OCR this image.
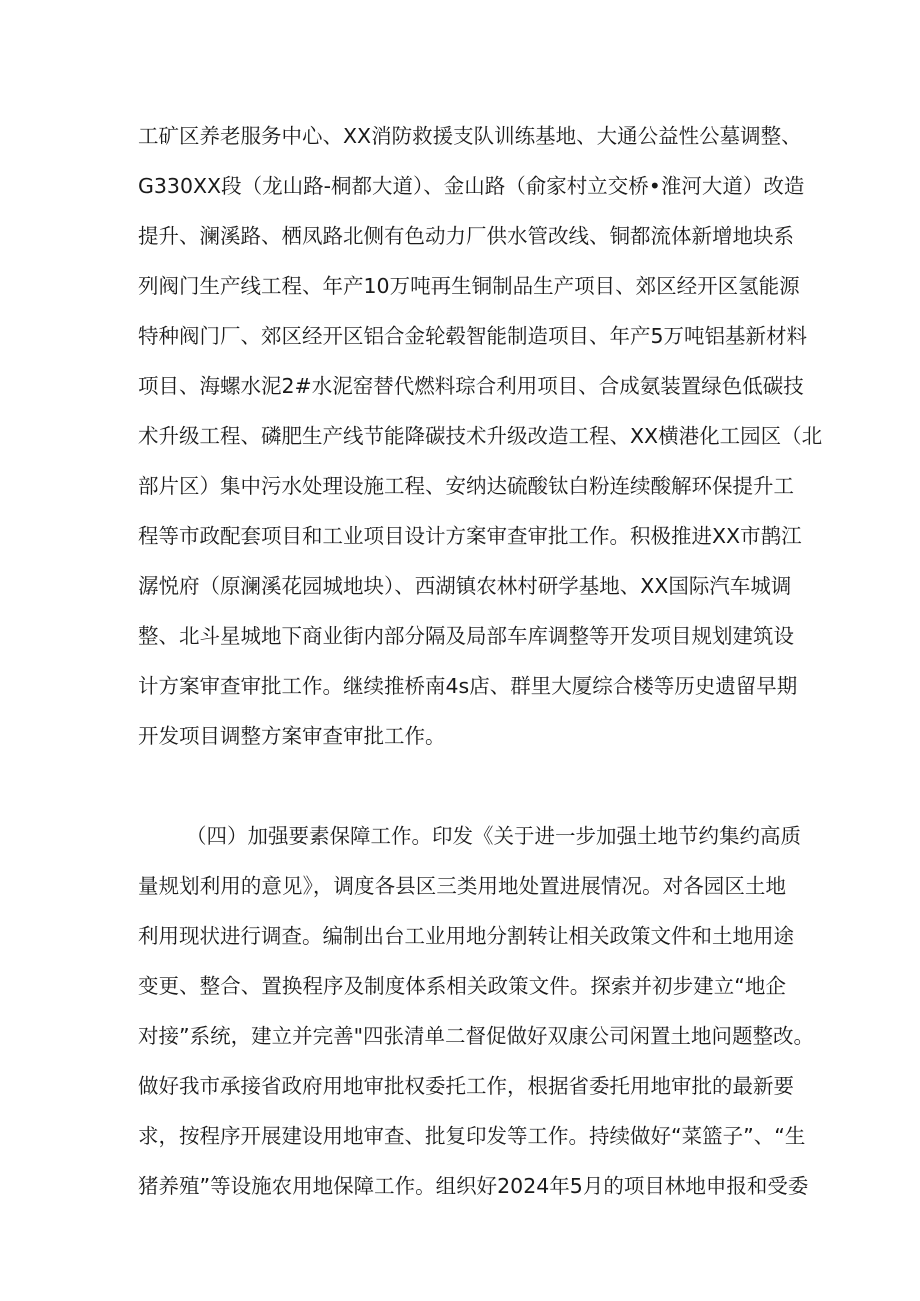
工矿区养老服务中心、XX消防救援支队训练基地、大通公益性公墓调整、
G330XX段（龙山路-桐都大道）、金山路（俞家村立交桥•淮河大道）改造
提升、澜溪路、栖凤路北侧有色动力厂供水管改线、铜都流体新增地块系
列阀门生产线工程、年产10万吨再生铜制品生产项目、郊区经开区氢能源
特种阀门厂、郊区经开区铝合金轮毂智能制造项目、年产5万吨铝基新材料
项目、海螺水泥2#水泥窑替代燃料琮合利用项目、合成氨装置绿色低碳技
术升级工程、磷肥生产线节能降碳技术升级改造工程、XX横港化工园区（北
部片区）集中污水处理设施工程、安纳达硫酸钛白粉连续酸解环保提升工
程等市政配套项目和工业项目设计方案审查审批工作。积极推进XX市鹊江
潺悦府（原澜溪花园城地块）、西湖镇农林村研学基地、XX国际汽车城调
整、北斗星城地下商业街内部分隔及局部车库调整等开发项目规划建筑设
计方案审查审批工作。继续推桥南4s店、群里大厦综合楼等历史遗留早期
开发项目调整方案审查审批工作。
（四）加强要素保障工作。印发《关于进一步加强土地节约集约高质
量规划利用的意见》，调度各县区三类用地处置进展情况。对各园区土地
利用现状进行调查。编制出台工业用地分割转让相关政策文件和土地用途
变更、整合、置换程序及制度体系相关政策文件。探索并初步建立“地企
对接”系统，建立并完善"四张清单二督促做好双康公司闲置土地问题整改。
做好我市承接省政府用地审批权委托工作，根据省委托用地审批的最新要
求，按程序开展建设用地审查、批复印发等工作。持续做好“菜篮子”、“生
猪养殖”等设施农用地保障工作。组织好2024年5月的项目林地申报和受委
